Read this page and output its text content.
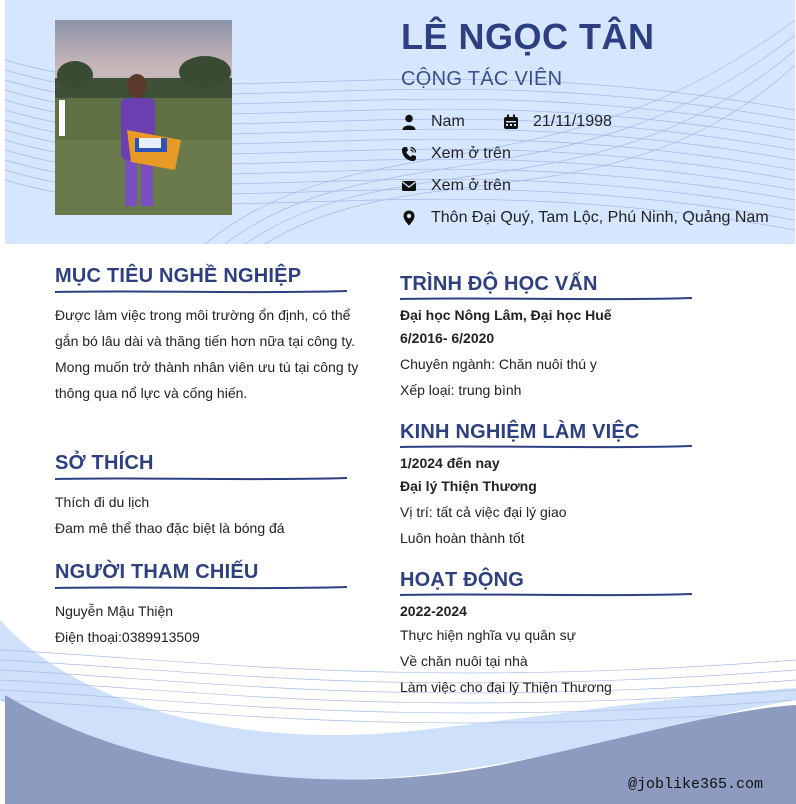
LÊ NGỌC TÂN
CỘNG TÁC VIÊN
Nam	21/11/1998
Xem ở trên
Xem ở trên
Thôn Đại Quý, Tam Lộc, Phú Ninh, Quảng Nam
MỤC TIÊU NGHỀ NGHIỆP
Được làm việc trong môi trường ổn định, có thể
gắn bó lâu dài và thăng tiến hơn nữa tại công ty.
Mong muốn trở thành nhân viên ưu tú tại công ty
thông qua nổ lực và cống hiến.
SỞ THÍCH
Thích đi du lịch
Đam mê thể thao đặc biệt là bóng đá
NGƯỜI THAM CHIẾU
Nguyễn Mậu Thiện
Điện thoại:0389913509
TRÌNH ĐỘ HỌC VẤN
Đại học Nông Lâm, Đại học Huế
6/2016- 6/2020
Chuyên ngành: Chăn nuôi thú y
Xếp loại: trung bình
KINH NGHIỆM LÀM VIỆC
1/2024 đến nay
Đại lý Thiện Thương
Vị trí: tất cả việc đại lý giao
Luôn hoàn thành tốt
HOẠT ĐỘNG
2022-2024
Thực hiện nghĩa vụ quân sự
Về chăn nuôi tại nhà
Làm việc cho đại lý Thiện Thương
@joblike365.com
